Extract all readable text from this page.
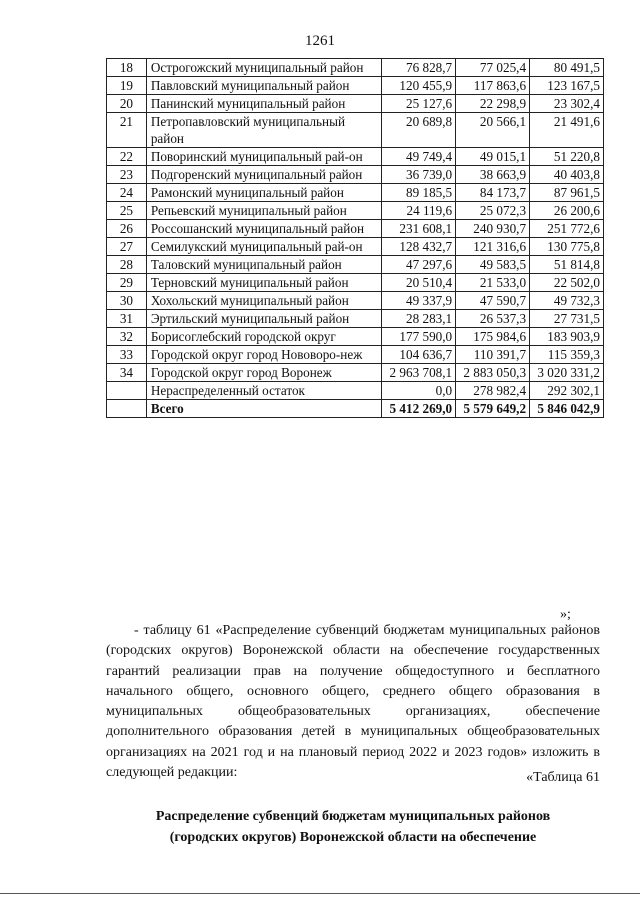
1261
18	Острогожский муниципальный район	76 828,7	77 025,4	80 491,5
19	Павловский муниципальный район	120 455,9	117 863,6	123 167,5
20	Панинский муниципальный район	25 127,6	22 298,9	23 302,4
21	Петропавловский муниципальный район	20 689,8	20 566,1	21 491,6
22	Поворинский муниципальный рай-он	49 749,4	49 015,1	51 220,8
23	Подгоренский муниципальный район	36 739,0	38 663,9	40 403,8
24	Рамонский муниципальный район	89 185,5	84 173,7	87 961,5
25	Репьевский муниципальный район	24 119,6	25 072,3	26 200,6
26	Россошанский муниципальный район	231 608,1	240 930,7	251 772,6
27	Семилукский муниципальный рай-он	128 432,7	121 316,6	130 775,8
28	Таловский муниципальный район	47 297,6	49 583,5	51 814,8
29	Терновский муниципальный район	20 510,4	21 533,0	22 502,0
30	Хохольский муниципальный район	49 337,9	47 590,7	49 732,3
31	Эртильский муниципальный район	28 283,1	26 537,3	27 731,5
32	Борисоглебский городской округ	177 590,0	175 984,6	183 903,9
33	Городской округ город Нововоро-неж	104 636,7	110 391,7	115 359,3
34	Городской округ город Воронеж	2 963 708,1	2 883 050,3	3 020 331,2
	Нераспределенный остаток	0,0	278 982,4	292 302,1
	Всего	5 412 269,0	5 579 649,2	5 846 042,9
»;
- таблицу 61 «Распределение субвенций бюджетам муниципальных районов (городских округов) Воронежской области на обеспечение государственных гарантий реализации прав на получение общедоступного и бесплатного начального общего, основного общего, среднего общего образования в муниципальных общеобразовательных организациях, обеспечение дополнительного образования детей в муниципальных общеобразовательных организациях на 2021 год и на плановый период 2022 и 2023 годов» изложить в следующей редакции:	«Таблица 61
Распределение субвенций бюджетам муниципальных районов
(городских округов) Воронежской области на обеспечение
